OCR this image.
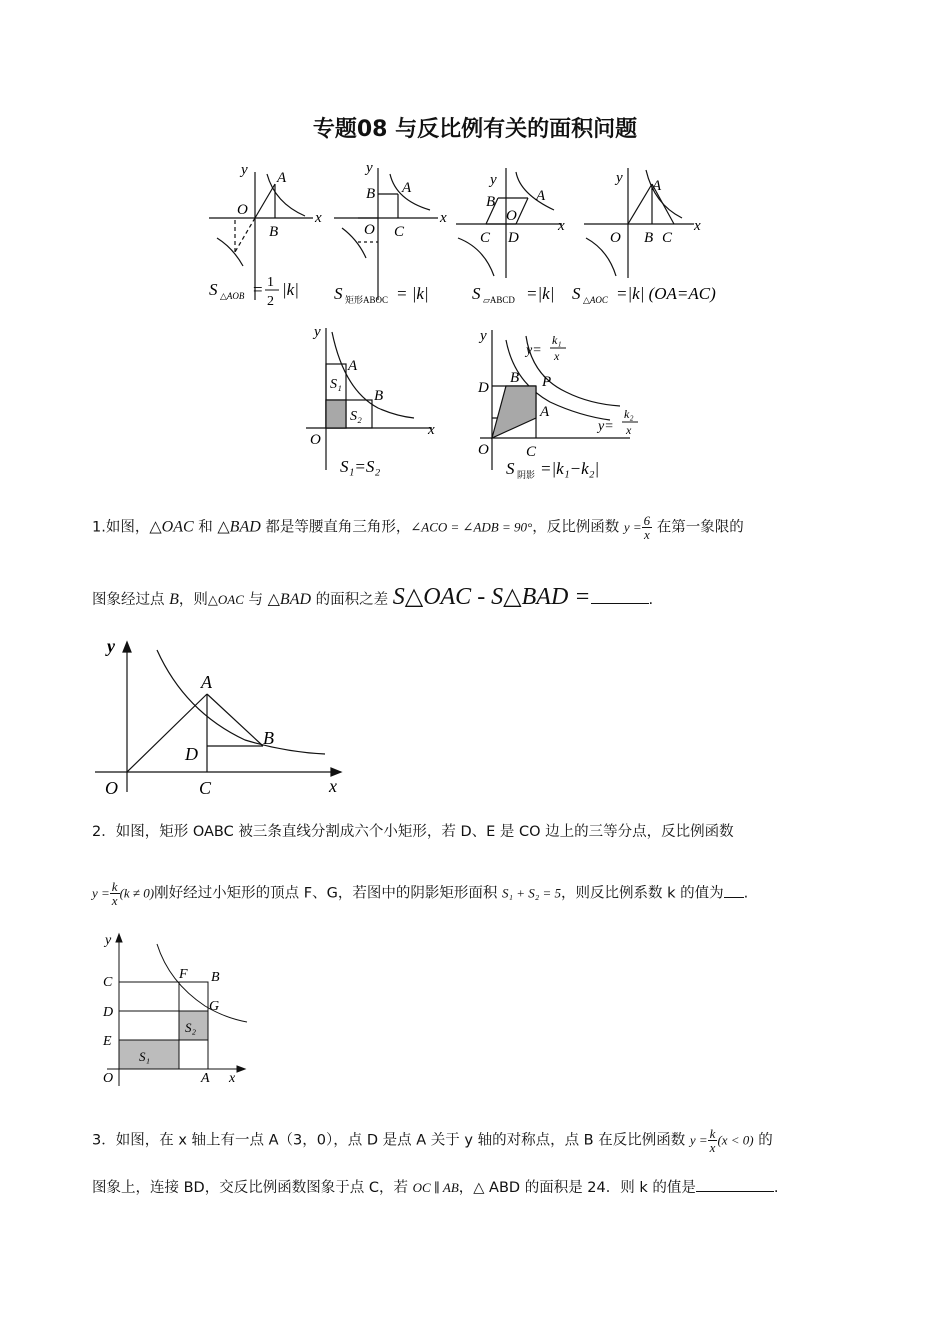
专题08 与反比例有关的面积问题
y
x
A
O
B
S △AOB = 1
2
|k|
y
x
A
B
O C
S 矩形ABOC = |k|
y
x
B	A
O
C D
S ▱ABCD =|k|
y
x
A
O B C
S △AOC =|k| (OA=AC)
y
x
A
B
O
S₁
S₂
S₁=S₂
y
y=
k₁
x
D
B P
A
C
O
y=
k₂
x
S 阴影 =|k₁−k₂|
1.如图，△OAC 和 △BAD 都是等腰直角三角形，∠ACO = ∠ADB = 90°，反比例函数 $y = \frac{6}{x}$ 在第一象限的
图象经过点 B，则△OAC 与 △BAD 的面积之差 S△OAC - S△BAD =	.
y
x
A
B
D
O	C
2．如图，矩形 OABC 被三条直线分割成六个小矩形，若 D、E 是 CO 边上的三等分点，反比例函数
$y = \frac{k}{x} (k \ne 0)$刚好经过小矩形的顶点 F、G，若图中的阴影矩形面积 S₁ + S₂ = 5，则反比例系数 k 的值为 .
y
x
C
D
E
O	A
B
F
G
S₂
S₁
3．如图，在 x 轴上有一点 A（3，0），点 D 是点 A 关于 y 轴的对称点，点 B 在反比例函数 $y = \frac{k}{x} (x < 0)$ 的
图象上，连接 BD，交反比例函数图象于点 C，若 OC ∥ AB，△ ABD 的面积是 24．则 k 的值是	.
